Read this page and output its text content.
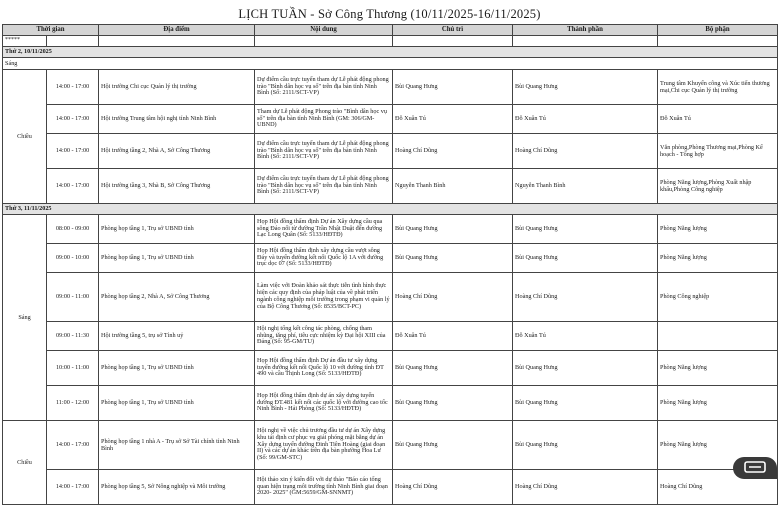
LỊCH TUẦN - Sở Công Thương (10/11/2025-16/11/2025)
Thời gian		Địa điểm	Nội dung	Chủ trì	Thành phần	Bộ phận
*****						
Thứ 2, 10/11/2025						
Sáng						
Chiều	14:00 - 17:00	Hội trường Chi cục Quản lý thị trường	Dự điểm cầu trực tuyến tham dự Lễ phát động phong trào "Bình dân học vụ số" trên địa bàn tỉnh Ninh Bình (Số: 2111/SCT-VP)	Bùi Quang Hưng	Bùi Quang Hưng	Trung tâm Khuyến công và Xúc tiến thương mại,Chi cục Quản lý thị trường
	14:00 - 17:00	Hội trường Trung tâm hội nghị tỉnh Ninh Bình	Tham dự Lễ phát động Phong trào "Bình dân học vụ số" trên địa bàn tỉnh Ninh Bình (GM: 306/GM-UBND)	Đỗ Xuân Tú	Đỗ Xuân Tú	Đỗ Xuân Tú
	14:00 - 17:00	Hội trường tầng 2, Nhà A, Sở Công Thương	Dự điểm cầu trực tuyến tham dự Lễ phát động phong trào "Bình dân học vụ số" trên địa bàn tỉnh Ninh Bình (Số: 2111/SCT-VP)	Hoàng Chí Dũng	Hoàng Chí Dũng	Văn phòng,Phòng Thương mại,Phòng Kế hoạch - Tổng hợp
	14:00 - 17:00	Hội trường tầng 3, Nhà B, Sở Công Thương	Dự điểm cầu trực tuyến tham dự Lễ phát động phong trào "Bình dân học vụ số" trên địa bàn tỉnh Ninh Bình (Số: 2111/SCT-VP)	Nguyễn Thanh Bình	Nguyễn Thanh Bình	Phòng Năng lượng,Phòng Xuất nhập khẩu,Phòng Công nghiệp
Thứ 3, 11/11/2025						
Sáng	08:00 - 09:00	Phòng họp tầng 1, Trụ sở UBND tỉnh	Họp Hội đồng thẩm định Dự án Xây dựng cầu qua sông Đáo nối từ đường Trần Nhật Duật đến đường Lạc Long Quân (Số: 5133/HĐTĐ)	Bùi Quang Hưng	Bùi Quang Hưng	Phòng Năng lượng
	09:00 - 10:00	Phòng họp tầng 1, Trụ sở UBND tỉnh	Họp Hội đồng thẩm định xây dựng cầu vượt sông Đáy và tuyến đường kết nối Quốc lộ 1A với đường trục dọc 07 (Số: 5133/HĐTĐ)	Bùi Quang Hưng	Bùi Quang Hưng	Phòng Năng lượng
	09:00 - 11:00	Phòng họp tầng 2, Nhà A, Sở Công Thương	Làm việc với Đoàn khảo sát thực tiễn tình hình thực hiện các quy định của pháp luật của về phát triển ngành công nghiệp môi trường trong phạm vi quản lý của Bộ Công Thương (Số: 8535/BCT-PC)	Hoàng Chí Dũng	Hoàng Chí Dũng	Phòng Công nghiệp
	09:00 - 11:30	Hội trường tầng 5, trụ sở Tỉnh uỷ	Hội nghị tổng kết công tác phòng, chống tham nhũng, tăng phí, tiêu cực nhiệm kỳ Đại hội XIII của Đảng (Số: 95-GM/TU)	Đỗ Xuân Tú	Đỗ Xuân Tú	
	10:00 - 11:00	Phòng họp tầng 1, Trụ sở UBND tỉnh	Họp Hội đồng thẩm định Dự án đầu tư xây dựng tuyến đường kết nối Quốc lộ 10 với đường tỉnh ĐT 490 và cầu Thịnh Long (Số: 5133/HĐTĐ)	Bùi Quang Hưng	Bùi Quang Hưng	Phòng Năng lượng
	11:00 - 12:00	Phòng họp tầng 1, Trụ sở UBND tỉnh	Họp Hội đồng thẩm định dự án xây dựng tuyến đường ĐT.481 kết nối các quốc lộ với đường cao tốc Ninh Bình - Hải Phòng (Số: 5133/HĐTĐ)	Bùi Quang Hưng	Bùi Quang Hưng	Phòng Năng lượng
Chiều	14:00 - 17:00	Phòng họp tầng 1 nhà A - Trụ sở Sở Tài chính tỉnh Ninh Bình	Hội nghị về việc chủ trương đầu tư dự án Xây dựng khu tái định cư phục vụ giải phóng mặt bằng dự án Xây dựng tuyến đường Đinh Tiên Hoàng (giai đoạn II) và các dự án khác trên địa bàn phường Hoa Lư (Số: 99/GM-STC)	Bùi Quang Hưng	Bùi Quang Hưng	Phòng Năng lượng
	14:00 - 17:00	Phòng họp tầng 5, Sở Nông nghiệp và Môi trường	Hội thảo xin ý kiến đối với dự thảo "Báo cáo tổng quan hiện trạng môi trường tỉnh Ninh Bình giai đoạn 2020- 2025" (GM:5659/GM-SNNMT)	Hoàng Chí Dũng	Hoàng Chí Dũng	Hoàng Chí Dũng
